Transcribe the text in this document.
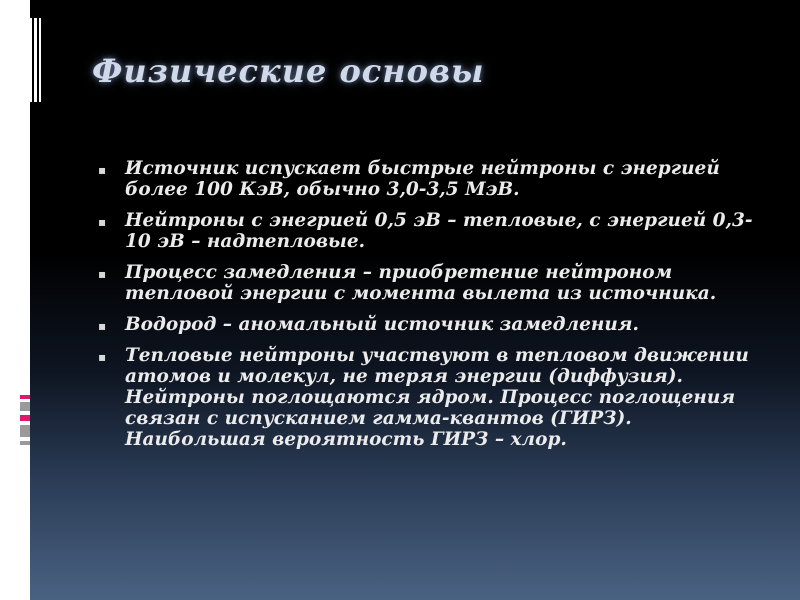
Физические основы
▪ Источник испускает быстрые нейтроны с энергией более 100 КэВ, обычно 3,0-3,5 МэВ.
▪ Нейтроны с энегрией 0,5 эВ – тепловые, с энергией 0,3-10 эВ – надтепловые.
▪ Процесс замедления – приобретение нейтроном тепловой энергии с момента вылета из источника.
▪ Водород – аномальный источник замедления.
▪ Тепловые нейтроны участвуют в тепловом движении атомов и молекул, не теряя энергии (диффузия). Нейтроны поглощаются ядром. Процесс поглощения связан с испусканием гамма-квантов (ГИРЗ). Наибольшая вероятность ГИРЗ – хлор.
